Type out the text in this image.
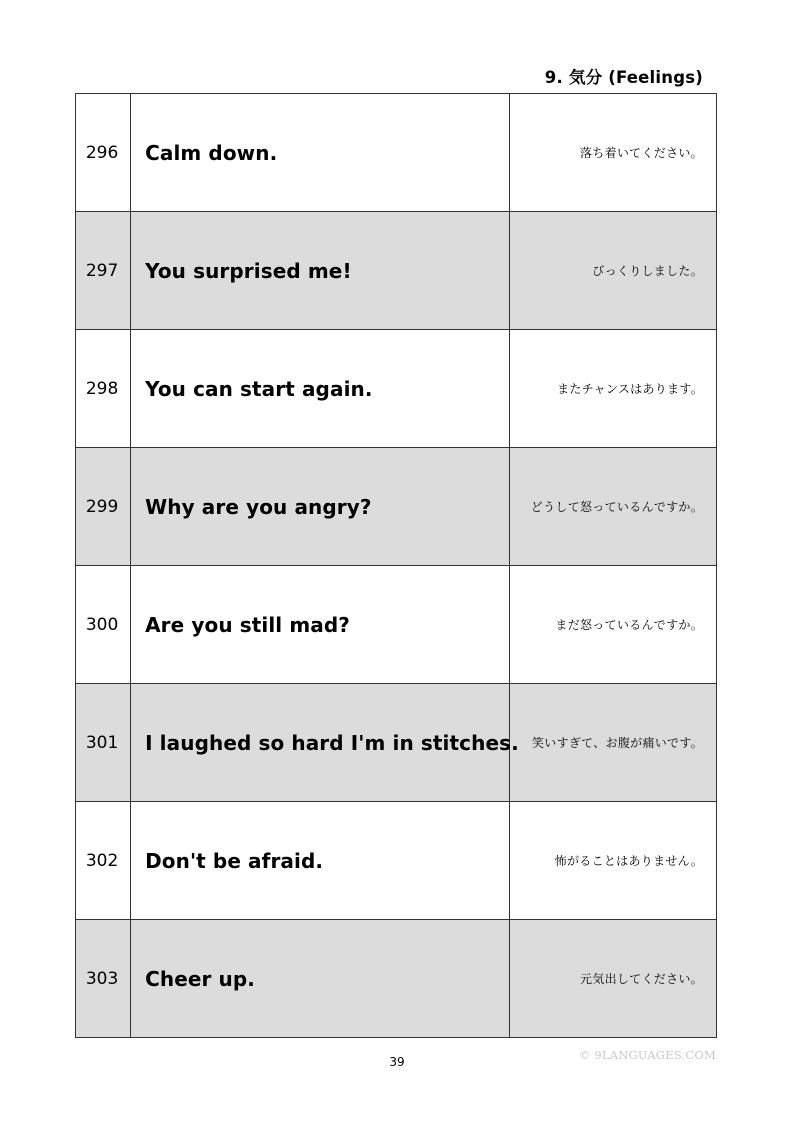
9. 気分 (Feelings)
296	Calm down.	落ち着いてください。
297	You surprised me!	びっくりしました。
298	You can start again.	またチャンスはあります。
299	Why are you angry?	どうして怒っているんですか。
300	Are you still mad?	まだ怒っているんですか。
301	I laughed so hard I'm in stitches.	笑いすぎて、お腹が痛いです。
302	Don't be afraid.	怖がることはありません。
303	Cheer up.	元気出してください。
39	© 9LANGUAGES.COM
